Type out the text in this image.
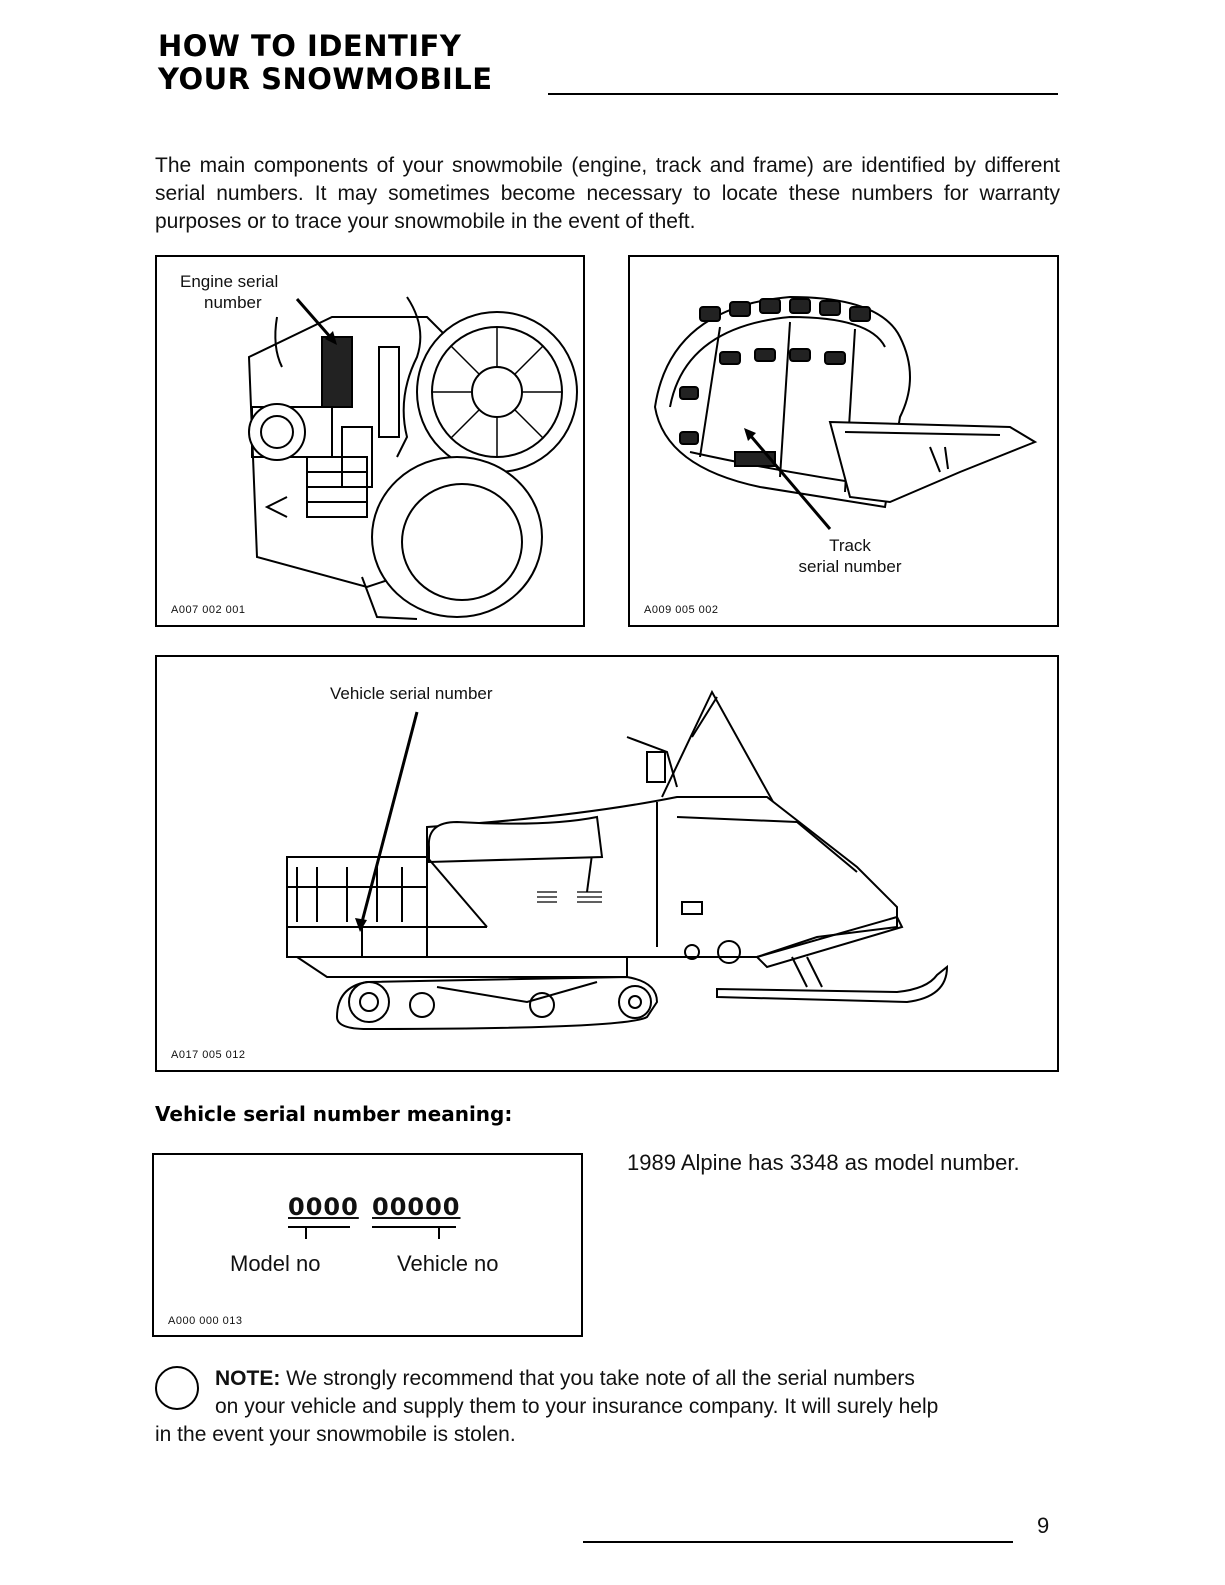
HOW TO IDENTIFY
YOUR SNOWMOBILE
The main components of your snowmobile (engine, track and frame) are identified by different serial numbers. It may sometimes become necessary to locate these numbers for warranty purposes or to trace your snowmobile in the event of theft.
Engine serial
number
A007 002 001
Track
serial number
A009 005 002
Vehicle serial number
A017 005 012
Vehicle serial number meaning:
0000 00000
Model no	Vehicle no
A000 000 013
1989 Alpine has 3348 as model number.
NOTE: We strongly recommend that you take note of all the serial numbers
on your vehicle and supply them to your insurance company. It will surely help
in the event your snowmobile is stolen.
9
